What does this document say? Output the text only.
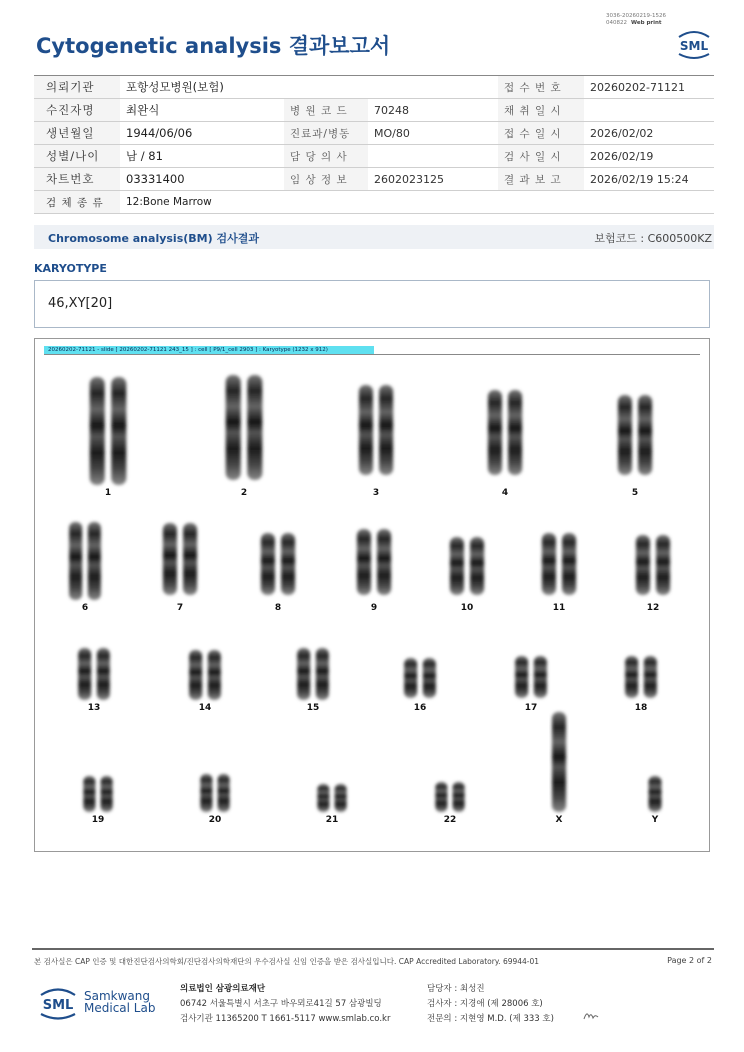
Cytogenetic analysis 결과보고서
3036-20260219-1526
040822 Web print
SML
의뢰기관	포항성모병원(보험)			접 수 번 호	20260202-71121
수진자명	최완식	병 원 코 드	70248	채 취 일 시	
생년월일	1944/06/06	진료과/병동	MO/80	접 수 일 시	2026/02/02
성별/나이	남 / 81	담 당 의 사		검 사 일 시	2026/02/19
차트번호	03331400	임 상 정 보	2602023125	결 과 보 고	2026/02/19 15:24
검 체 종 류	12:Bone Marrow				
Chromosome analysis(BM) 검사결과	보험코드 : C600500KZ
KARYOTYPE
46,XY[20]
20260202-71121 - slide [ 20260202-71121 243_15 ] : cell [ P9/1_cell 2903 ] : Karyotype (1232 x 912)
1	2	3	4	5
6	7	8	9	10	11	12
13	14	15	16	17	18
19	20	21	22	X	Y
본 검사실은 CAP 인증 및 대한진단검사의학회/진단검사의학재단의 우수검사실 신임 인증을 받은 검사실입니다. CAP Accredited Laboratory. 69944-01	Page 2 of 2
SML
Samkwang
Medical Lab
의료법인 삼광의료재단
06742 서울특별시 서초구 바우뫼로41길 57 삼광빌딩
검사기관 11365200 T 1661-5117 www.smlab.co.kr
담당자 : 최성진
검사자 : 지경애 (제 28006 호)
전문의 : 지현영 M.D. (제 333 호)
